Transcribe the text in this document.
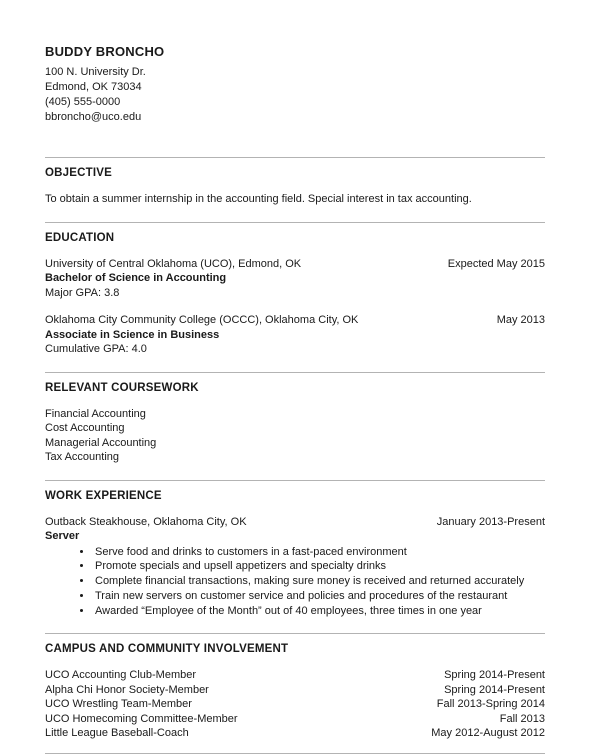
BUDDY BRONCHO
100 N. University Dr.
Edmond, OK 73034
(405) 555-0000
bbroncho@uco.edu
OBJECTIVE

To obtain a summer internship in the accounting field. Special interest in tax accounting.

EDUCATION
University of Central Oklahoma (UCO), Edmond, OK	Expected May 2015
Bachelor of Science in Accounting
Major GPA: 3.8
Oklahoma City Community College (OCCC), Oklahoma City, OK	May 2013
Associate in Science in Business
Cumulative GPA: 4.0
RELEVANT COURSEWORK
Financial Accounting
Cost Accounting
Managerial Accounting
Tax Accounting
WORK EXPERIENCE
Outback Steakhouse, Oklahoma City, OK	January 2013-Present
Server
• Serve food and drinks to customers in a fast-paced environment
• Promote specials and upsell appetizers and specialty drinks
• Complete financial transactions, making sure money is received and returned accurately
• Train new servers on customer service and policies and procedures of the restaurant
• Awarded “Employee of the Month” out of 40 employees, three times in one year
CAMPUS AND COMMUNITY INVOLVEMENT
UCO Accounting Club-Member	Spring 2014-Present
Alpha Chi Honor Society-Member	Spring 2014-Present
UCO Wrestling Team-Member	Fall 2013-Spring 2014
UCO Homecoming Committee-Member	Fall 2013
Little League Baseball-Coach	May 2012-August 2012
